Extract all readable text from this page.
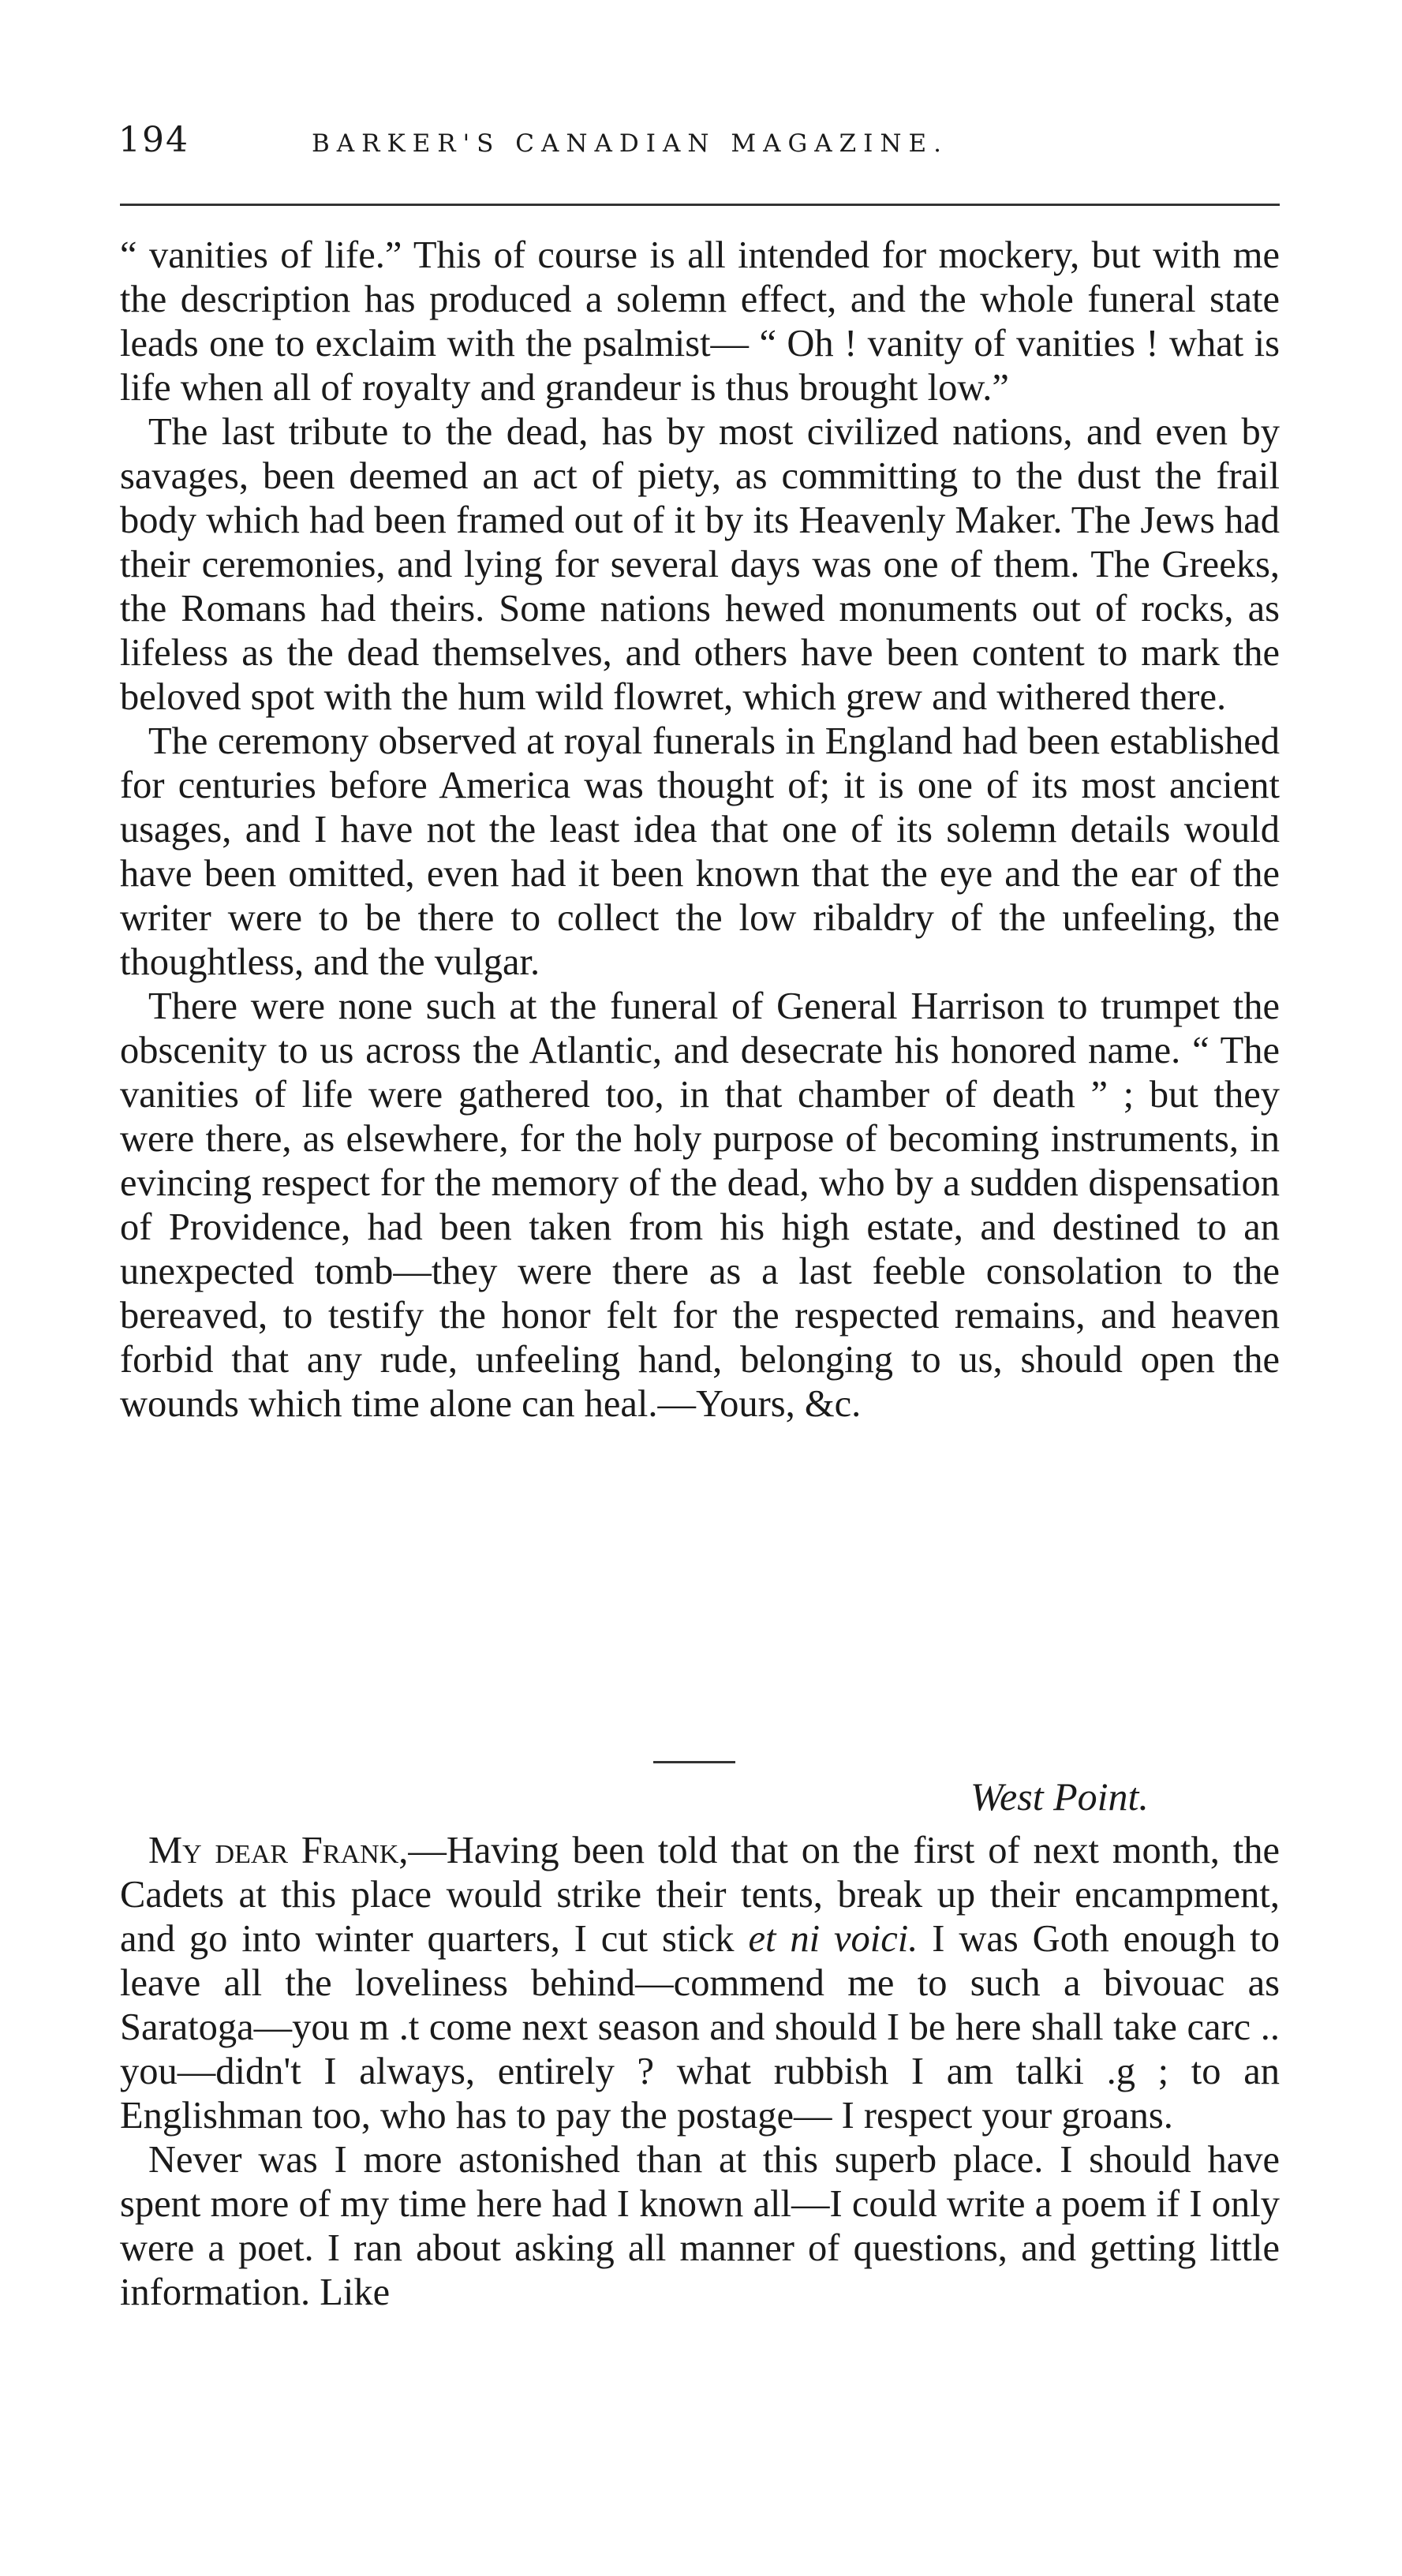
194	BARKER'S CANADIAN MAGAZINE.

“ vanities of life.” This of course is all intended for mockery, but with me the description has produced a solemn effect, and the whole funeral state leads one to exclaim with the psalmist— “ Oh ! vanity of vanities ! what is life when all of royalty and grandeur is thus brought low.”

The last tribute to the dead, has by most civilized nations, and even by savages, been deemed an act of piety, as committing to the dust the frail body which had been framed out of it by its Heavenly Maker. The Jews had their ceremonies, and lying for several days was one of them. The Greeks, the Romans had theirs. Some nations hewed monuments out of rocks, as lifeless as the dead themselves, and others have been content to mark the beloved spot with the hum wild flowret, which grew and withered there.

The ceremony observed at royal funerals in England had been established for centuries before America was thought of; it is one of its most ancient usages, and I have not the least idea that one of its solemn details would have been omitted, even had it been known that the eye and the ear of the writer were to be there to collect the low ribaldry of the unfeeling, the thoughtless, and the vulgar.

There were none such at the funeral of General Harrison to trumpet the obscenity to us across the Atlantic, and desecrate his honored name. “ The vanities of life were gathered too, in that chamber of death ” ; but they were there, as elsewhere, for the holy purpose of becoming instruments, in evincing respect for the memory of the dead, who by a sudden dispensation of Providence, had been taken from his high estate, and destined to an unexpected tomb—they were there as a last feeble consolation to the bereaved, to testify the honor felt for the respected remains, and heaven forbid that any rude, unfeeling hand, belonging to us, should open the wounds which time alone can heal.—Yours, &c.

West Point.

My dear Frank,—Having been told that on the first of next month, the Cadets at this place would strike their tents, break up their encampment, and go into winter quarters, I cut stick et ni voici. I was Goth enough to leave all the loveliness behind—commend me to such a bivouac as Saratoga—you m .t come next season and should I be here shall take carc .. you—didn't I always, entirely ? what rubbish I am talki .g ; to an Englishman too, who has to pay the postage— I respect your groans.

Never was I more astonished than at this superb place. I should have spent more of my time here had I known all—I could write a poem if I only were a poet. I ran about asking all manner of questions, and getting little information. Like
